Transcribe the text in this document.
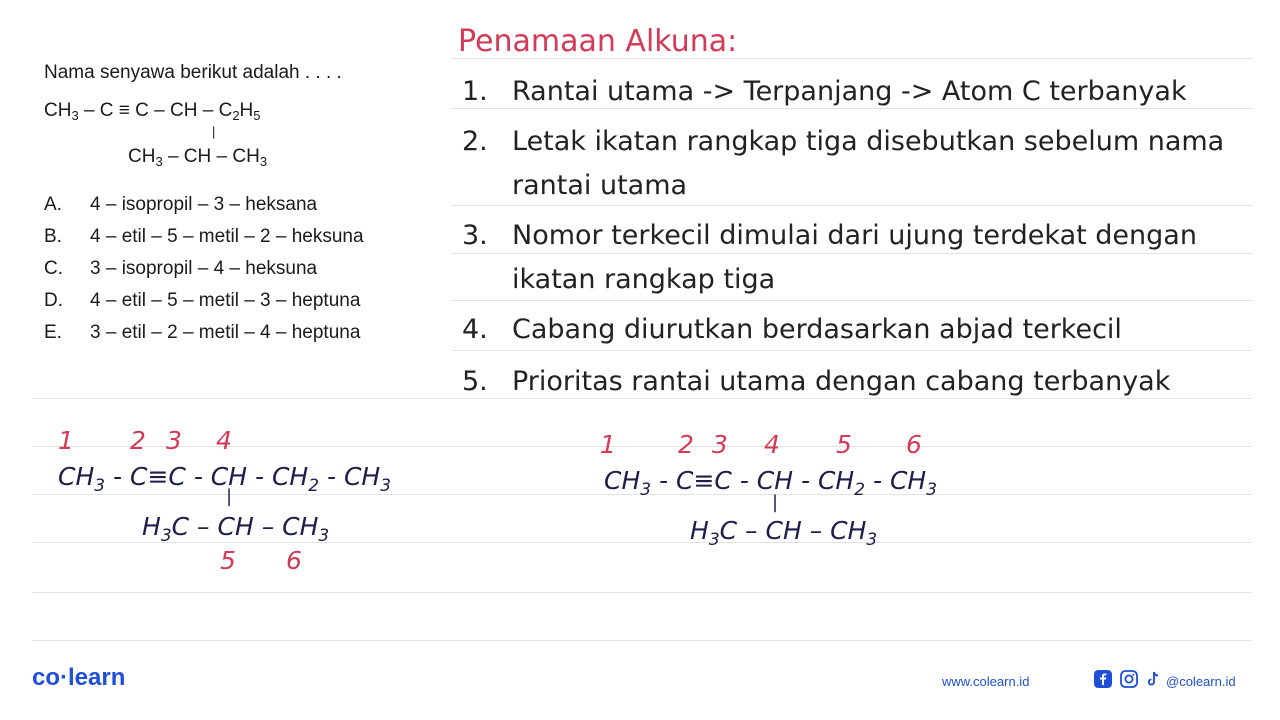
Nama senyawa berikut adalah . . . .
$CH_3 - C \equiv C$ – CH – $C_2H_5$
|
$CH_3$ – CH – $CH_3$
A. 4 – isopropil – 3 – heksana
B. 4 – etil – 5 – metil – 2 – heksuna
C. 3 – isopropil – 4 – heksuna
D. 4 – etil – 5 – metil – 3 – heptuna
E. 3 – etil – 2 – metil – 4 – heptuna
Penamaan Alkuna:
1. Rantai utama -> Terpanjang -> Atom C terbanyak
2. Letak ikatan rangkap tiga disebutkan sebelum nama
rantai utama
3. Nomor terkecil dimulai dari ujung terdekat dengan
ikatan rangkap tiga
4. Cabang diurutkan berdasarkan abjad terkecil
5. Prioritas rantai utama dengan cabang terbanyak
1 2 3 4
$CH_3 - C\equiv C$ - CH - $CH_2 - CH_3$
|
$H_3C$ – CH – $CH_3$
5 6
1 2 3 4 5 6
$CH_3 - C\equiv C$ - CH - $CH_2 - CH_3$
|
$H_3C$ – CH – $CH_3$
co·learn	www.colearn.id	@colearn.id
